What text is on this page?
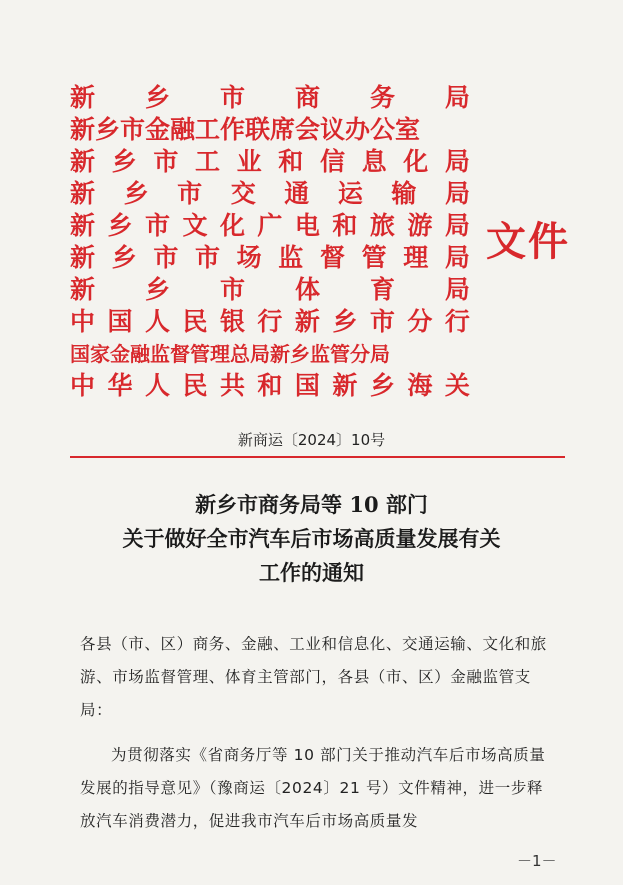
新 乡 市 商 务 局
新乡市金融工作联席会议办公室
新 乡 市 工 业 和 信 息 化 局
新 乡 市 交 通 运 输 局
新 乡 市 文 化 广 电 和 旅 游 局
新 乡 市 市 场 监 督 管 理 局
新 乡 市 体 育 局
中 国 人 民 银 行 新 乡 市 分 行
国家金融监督管理总局新乡监管分局
中 华 人 民 共 和 国 新 乡 海 关
文件
新商运〔2024〕10号
新乡市商务局等 10 部门
关于做好全市汽车后市场高质量发展有关
工作的通知

各县（市、区）商务、金融、工业和信息化、交通运输、文化和旅游、市场监督管理、体育主管部门，各县（市、区）金融监管支局：

为贯彻落实《省商务厅等 10 部门关于推动汽车后市场高质量发展的指导意见》（豫商运〔2024〕21 号）文件精神，进一步释放汽车消费潜力，促进我市汽车后市场高质量发

－1－
